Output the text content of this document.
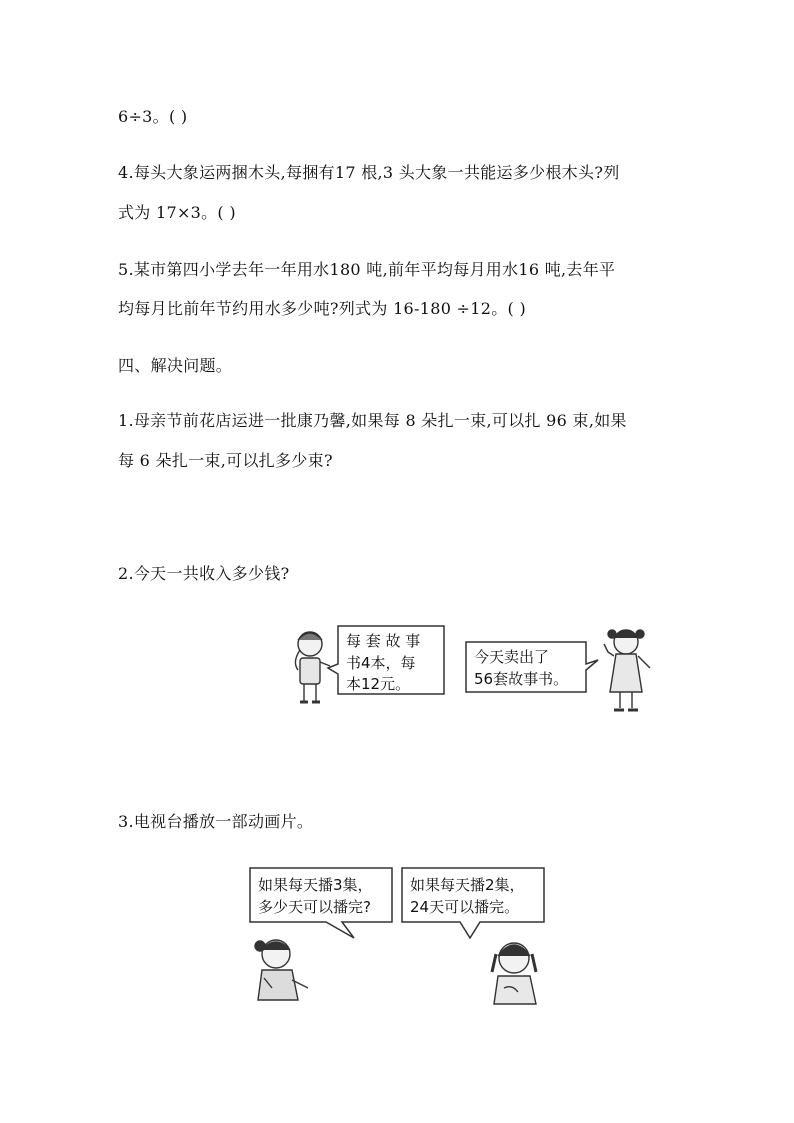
6÷3。( )
4.每头大象运两捆木头,每捆有17 根,3 头大象一共能运多少根木头?列
式为 17×3。( )
5.某市第四小学去年一年用水180 吨,前年平均每月用水16 吨,去年平
均每月比前年节约用水多少吨?列式为 16-180 ÷12。( )
四、解决问题。
1.母亲节前花店运进一批康乃馨,如果每 8 朵扎一束,可以扎 96 束,如果
每 6 朵扎一束,可以扎多少束?
2.今天一共收入多少钱?
3.电视台播放一部动画片。
每 套 故 事
书4本，每
本12元。
今天卖出了
56套故事书。
如果每天播3集，
多少天可以播完?
如果每天播2集，
24天可以播完。
